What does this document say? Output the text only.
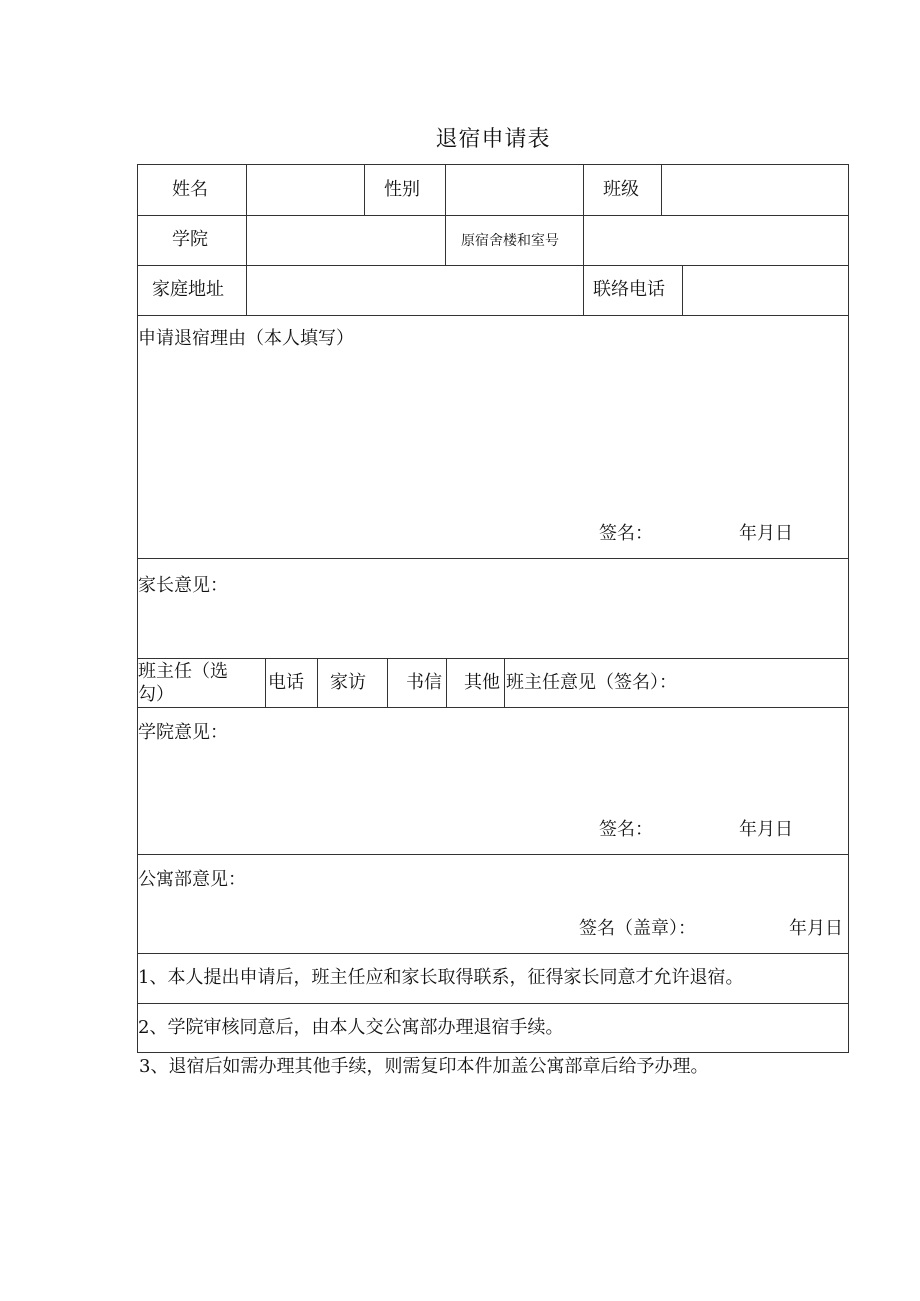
退宿申请表
姓名	性别	班级
学院	原宿舍楼和室号
家庭地址	联络电话
申请退宿理由（本人填写）
签名：	年月日
家长意见：
班主任（选勾）
电话 家访 书信 其他 班主任意见（签名）：
学院意见：
签名：	年月日
公寓部意见：
签名（盖章）：	年月日
1、本人提出申请后，班主任应和家长取得联系，征得家长同意才允许退宿。
2、学院审核同意后，由本人交公寓部办理退宿手续。
3、退宿后如需办理其他手续，则需复印本件加盖公寓部章后给予办理。
